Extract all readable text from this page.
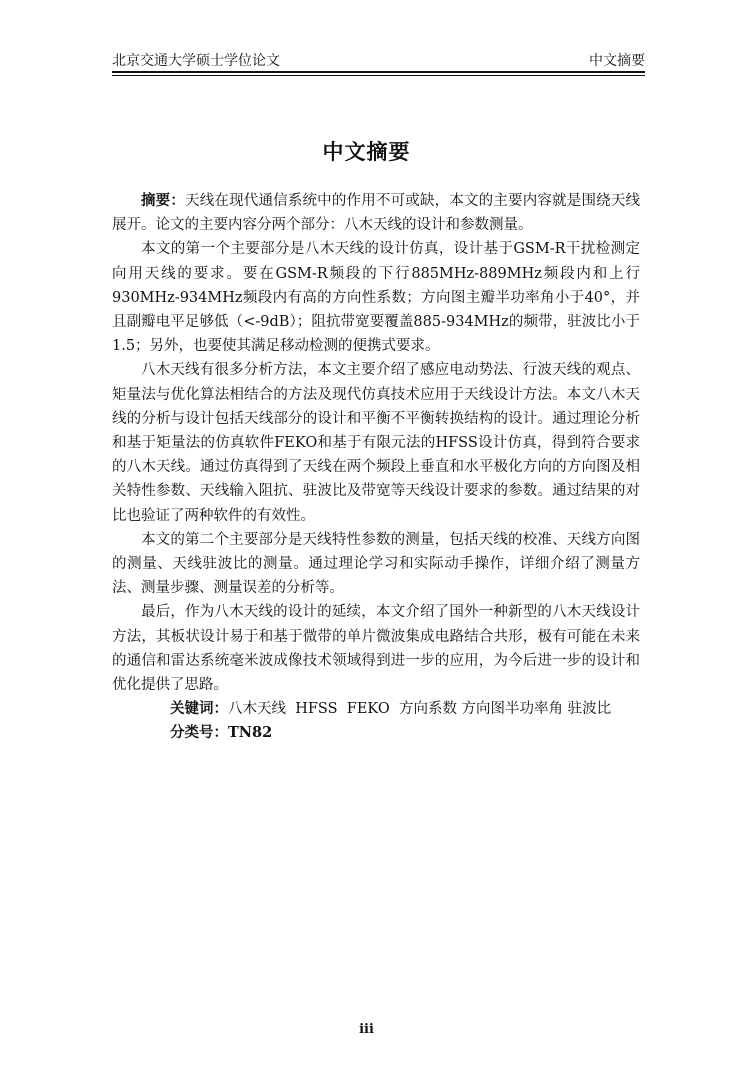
北京交通大学硕士学位论文	中文摘要
中文摘要

摘要：天线在现代通信系统中的作用不可或缺，本文的主要内容就是围绕天线展开。论文的主要内容分两个部分：八木天线的设计和参数测量。

本文的第一个主要部分是八木天线的设计仿真，设计基于GSM-R干扰检测定向用天线的要求。要在GSM-R频段的下行885MHz-889MHz频段内和上行930MHz-934MHz频段内有高的方向性系数；方向图主瓣半功率角小于40°，并且副瓣电平足够低（<-9dB）；阻抗带宽要覆盖885-934MHz的频带，驻波比小于1.5；另外，也要使其满足移动检测的便携式要求。

八木天线有很多分析方法，本文主要介绍了感应电动势法、行波天线的观点、矩量法与优化算法相结合的方法及现代仿真技术应用于天线设计方法。本文八木天线的分析与设计包括天线部分的设计和平衡不平衡转换结构的设计。通过理论分析和基于矩量法的仿真软件FEKO和基于有限元法的HFSS设计仿真，得到符合要求的八木天线。通过仿真得到了天线在两个频段上垂直和水平极化方向的方向图及相关特性参数、天线输入阻抗、驻波比及带宽等天线设计要求的参数。通过结果的对比也验证了两种软件的有效性。

本文的第二个主要部分是天线特性参数的测量，包括天线的校准、天线方向图的测量、天线驻波比的测量。通过理论学习和实际动手操作，详细介绍了测量方法、测量步骤、测量误差的分析等。

最后，作为八木天线的设计的延续，本文介绍了国外一种新型的八木天线设计方法，其板状设计易于和基于微带的单片微波集成电路结合共形，极有可能在未来的通信和雷达系统毫米波成像技术领域得到进一步的应用，为今后进一步的设计和优化提供了思路。

关键词：八木天线  HFSS  FEKO  方向系数 方向图半功率角 驻波比

分类号：TN82

iii
